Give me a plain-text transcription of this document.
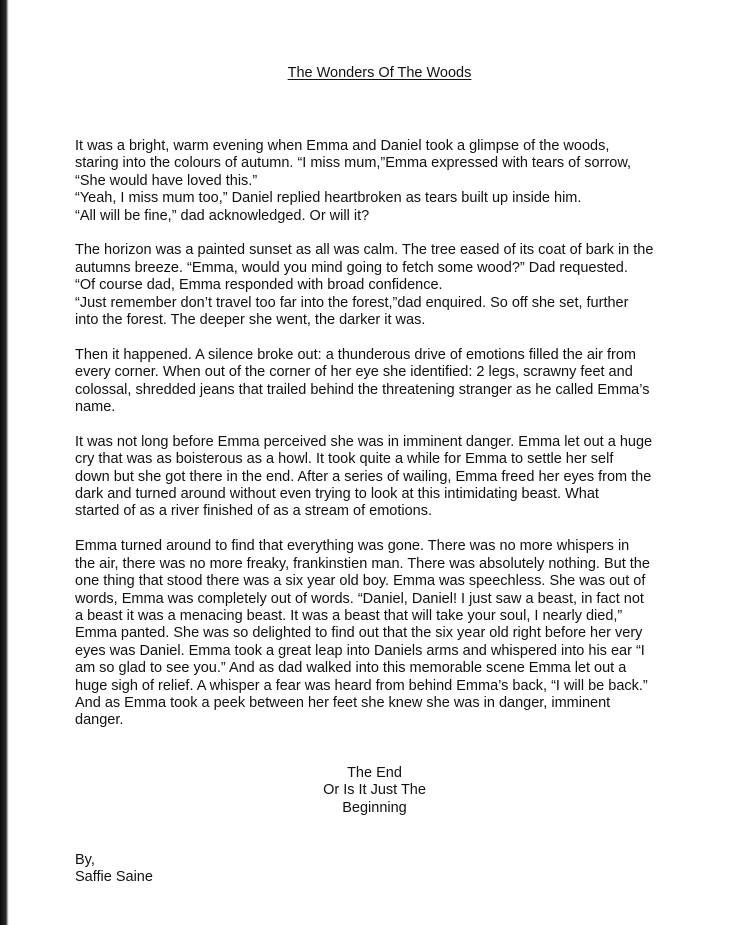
The Wonders Of The Woods
It was a bright, warm evening when Emma and Daniel took a glimpse of the woods,
staring into the colours of autumn. “I miss mum,”Emma expressed with tears of sorrow,
“She would have loved this.”
“Yeah, I miss mum too,” Daniel replied heartbroken as tears built up inside him.
“All will be fine,” dad acknowledged. Or will it?
The horizon was a painted sunset as all was calm. The tree eased of its coat of bark in the
autumns breeze. “Emma, would you mind going to fetch some wood?” Dad requested.
“Of course dad, Emma responded with broad confidence.
“Just remember don’t travel too far into the forest,”dad enquired. So off she set, further
into the forest. The deeper she went, the darker it was.
Then it happened. A silence broke out: a thunderous drive of emotions filled the air from
every corner. When out of the corner of her eye she identified: 2 legs, scrawny feet and
colossal, shredded jeans that trailed behind the threatening stranger as he called Emma’s
name.
It was not long before Emma perceived she was in imminent danger. Emma let out a huge
cry that was as boisterous as a howl. It took quite a while for Emma to settle her self
down but she got there in the end. After a series of wailing, Emma freed her eyes from the
dark and turned around without even trying to look at this intimidating beast. What
started of as a river finished of as a stream of emotions.
Emma turned around to find that everything was gone. There was no more whispers in
the air, there was no more freaky, frankinstien man. There was absolutely nothing. But the
one thing that stood there was a six year old boy. Emma was speechless. She was out of
words, Emma was completely out of words. “Daniel, Daniel! I just saw a beast, in fact not
a beast it was a menacing beast. It was a beast that will take your soul, I nearly died,”
Emma panted. She was so delighted to find out that the six year old right before her very
eyes was Daniel. Emma took a great leap into Daniels arms and whispered into his ear “I
am so glad to see you.” And as dad walked into this memorable scene Emma let out a
huge sigh of relief. A whisper a fear was heard from behind Emma’s back, “I will be back.”
And as Emma took a peek between her feet she knew she was in danger, imminent
danger.
The End
Or Is It Just The
Beginning
By,
Saffie Saine
